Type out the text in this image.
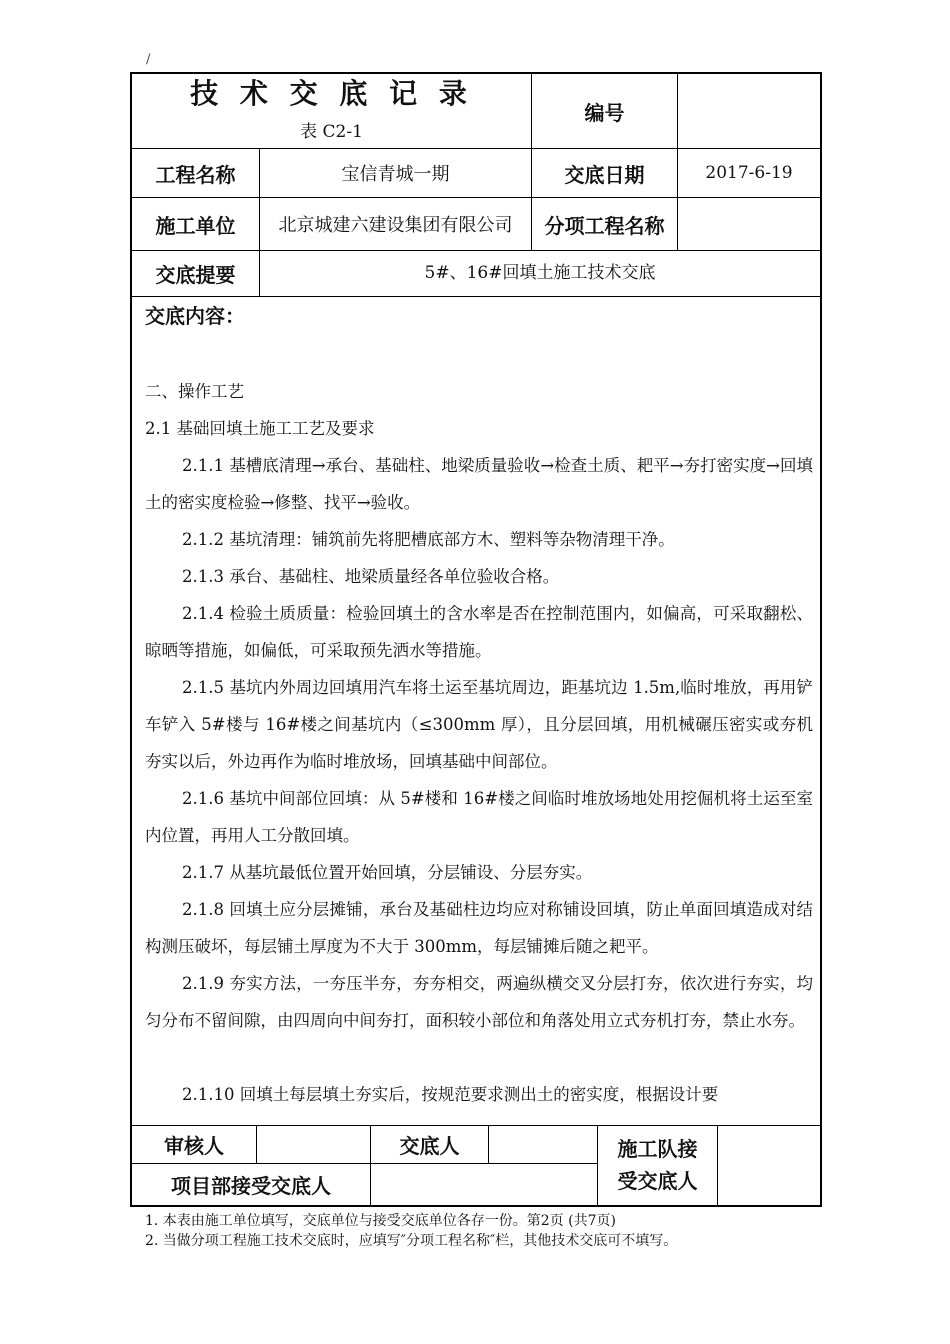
/
技 术 交 底 记 录
表 C2-1
编号
工程名称	宝信青城一期	交底日期	2017-6-19
施工单位	北京城建六建设集团有限公司	分项工程名称
交底提要	5#、16#回填土施工技术交底
交底内容：
二、操作工艺
2.1 基础回填土施工工艺及要求
2.1.1 基槽底清理→承台、基础柱、地梁质量验收→检查土质、耙平→夯打密实度→回填土的密实度检验→修整、找平→验收。
2.1.2 基坑清理：铺筑前先将肥槽底部方木、塑料等杂物清理干净。
2.1.3 承台、基础柱、地梁质量经各单位验收合格。
2.1.4 检验土质质量：检验回填土的含水率是否在控制范围内，如偏高，可采取翻松、晾晒等措施，如偏低，可采取预先洒水等措施。
2.1.5 基坑内外周边回填用汽车将土运至基坑周边，距基坑边 1.5m,临时堆放，再用铲车铲入 5#楼与 16#楼之间基坑内（≤300mm 厚），且分层回填，用机械碾压密实或夯机夯实以后，外边再作为临时堆放场，回填基础中间部位。
2.1.6 基坑中间部位回填：从 5#楼和 16#楼之间临时堆放场地处用挖倔机将土运至室内位置，再用人工分散回填。
2.1.7 从基坑最低位置开始回填，分层铺设、分层夯实。
2.1.8 回填土应分层摊铺，承台及基础柱边均应对称铺设回填，防止单面回填造成对结构测压破坏，每层铺土厚度为不大于 300mm，每层铺摊后随之耙平。
2.1.9 夯实方法，一夯压半夯，夯夯相交，两遍纵横交叉分层打夯，依次进行夯实，均匀分布不留间隙，由四周向中间夯打，面积较小部位和角落处用立式夯机打夯，禁止水夯。
2.1.10 回填土每层填土夯实后，按规范要求测出土的密实度，根据设计要
审核人	交底人	施工队接受交底人
项目部接受交底人
1. 本表由施工单位填写，交底单位与接受交底单位各存一份。第2页 (共7页)
2. 当做分项工程施工技术交底时，应填写″分项工程名称″栏，其他技术交底可不填写。
